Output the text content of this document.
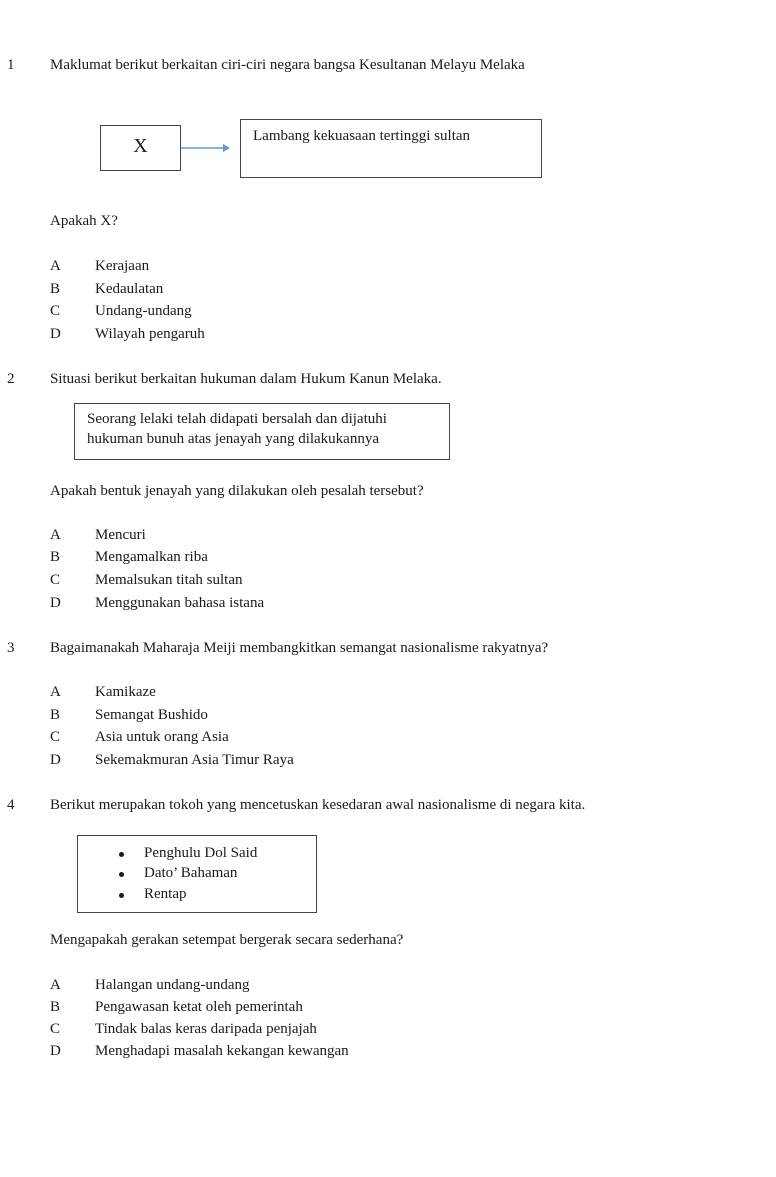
1 Maklumat berikut berkaitan ciri-ciri negara bangsa Kesultanan Melayu Melaka
X	Lambang kekuasaan tertinggi sultan
Apakah X?
A Kerajaan
B Kedaulatan
C Undang-undang
D Wilayah pengaruh
2 Situasi berikut berkaitan hukuman dalam Hukum Kanun Melaka.
Seorang lelaki telah didapati bersalah dan dijatuhi
hukuman bunuh atas jenayah yang dilakukannya
Apakah bentuk jenayah yang dilakukan oleh pesalah tersebut?
A Mencuri
B Mengamalkan riba
C Memalsukan titah sultan
D Menggunakan bahasa istana
3 Bagaimanakah Maharaja Meiji membangkitkan semangat nasionalisme rakyatnya?
A Kamikaze
B Semangat Bushido
C Asia untuk orang Asia
D Sekemakmuran Asia Timur Raya
4 Berikut merupakan tokoh yang mencetuskan kesedaran awal nasionalisme di negara kita.
Penghulu Dol Said
Dato’ Bahaman
Rentap
Mengapakah gerakan setempat bergerak secara sederhana?
A Halangan undang-undang
B Pengawasan ketat oleh pemerintah
C Tindak balas keras daripada penjajah
D Menghadapi masalah kekangan kewangan
